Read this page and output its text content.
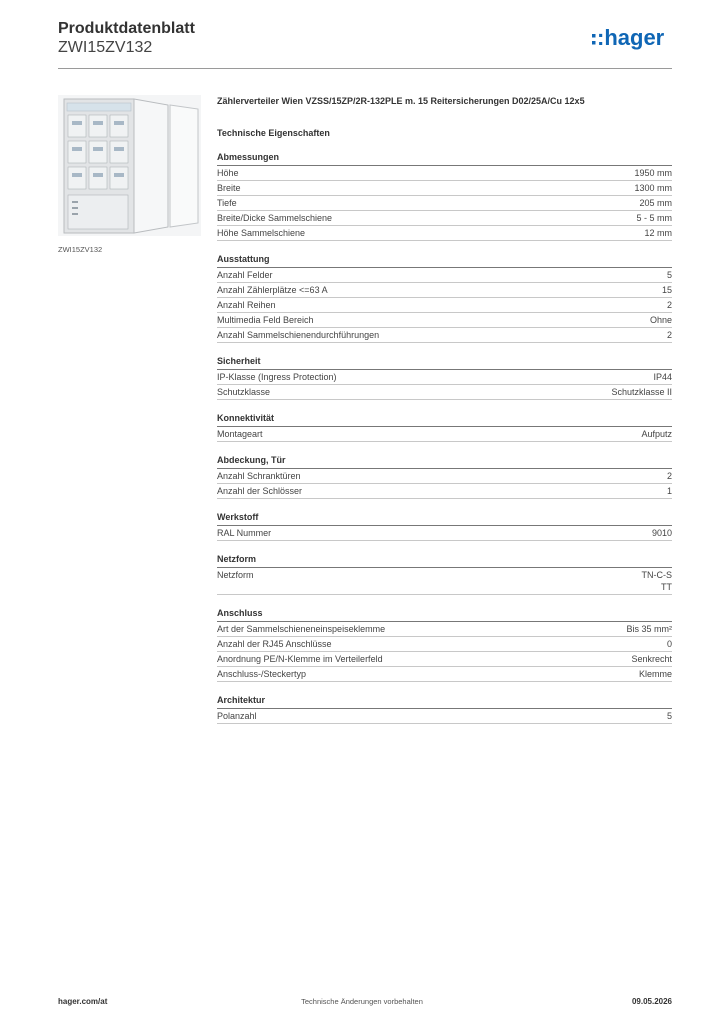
Produktdatenblatt
ZWI15ZV132	:hager
ZWI15ZV132
Zählerverteiler Wien VZSS/15ZP/2R-132PLE m. 15 Reitersicherungen D02/25A/Cu 12x5
Technische Eigenschaften
Abmessungen
Höhe	1950 mm
Breite	1300 mm
Tiefe	205 mm
Breite/Dicke Sammelschiene	5 - 5 mm
Höhe Sammelschiene	12 mm
Ausstattung
Anzahl Felder	5
Anzahl Zählerplätze <=63 A	15
Anzahl Reihen	2
Multimedia Feld Bereich	Ohne
Anzahl Sammelschienendurchführungen	2
Sicherheit
IP-Klasse (Ingress Protection)	IP44
Schutzklasse	Schutzklasse II
Konnektivität
Montageart	Aufputz
Abdeckung, Tür
Anzahl Schranktüren	2
Anzahl der Schlösser	1
Werkstoff
RAL Nummer	9010
Netzform
Netzform	TN-C-S
TT
Anschluss
Art der Sammelschieneneinspeiseklemme	Bis 35 mm²
Anzahl der RJ45 Anschlüsse	0
Anordnung PE/N-Klemme im Verteilerfeld	Senkrecht
Anschluss-/Steckertyp	Klemme
Architektur
Polanzahl	5
hager.com/at	Technische Änderungen vorbehalten	09.05.2026
